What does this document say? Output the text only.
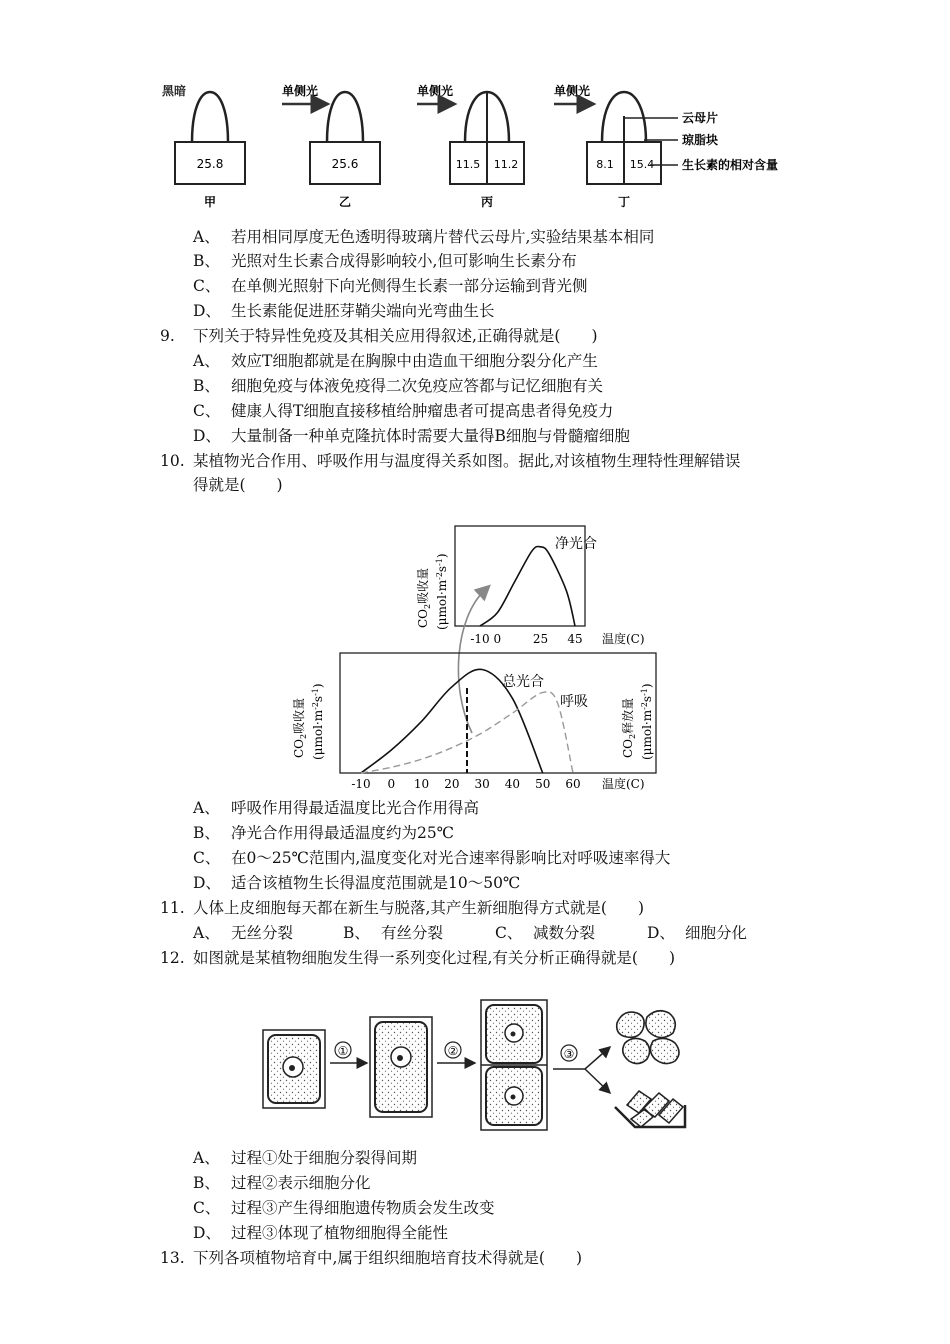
黑暗
25.8
甲
单侧光
25.6
乙
单侧光
11.5 11.2
丙
单侧光
8.1 15.4
丁
云母片
琼脂块
生长素的相对含量
A、 若用相同厚度无色透明得玻璃片替代云母片,实验结果基本相同
B、 光照对生长素合成得影响较小,但可影响生长素分布
C、 在单侧光照射下向光侧得生长素一部分运输到背光侧
D、 生长素能促进胚芽鞘尖端向光弯曲生长
9. 下列关于特异性免疫及其相关应用得叙述,正确得就是(　　)
A、 效应T细胞都就是在胸腺中由造血干细胞分裂分化产生
B、 细胞免疫与体液免疫得二次免疫应答都与记忆细胞有关
C、 健康人得T细胞直接移植给肿瘤患者可提高患者得免疫力
D、 大量制备一种单克隆抗体时需要大量得B细胞与骨髓瘤细胞
10. 某植物光合作用、呼吸作用与温度得关系如图。据此,对该植物生理特性理解错误
得就是(　　)
净光合
$CO_2$吸收量 $(\mu mol\cdot m^{-2}s^{-1})$
-10 0	25 45 温度(C)
总光合
呼吸
$CO_2$吸收量 $(\mu mol\cdot m^{-2}s^{-1})$
$CO_2$释放量 $(\mu mol\cdot m^{-2}s^{-1})$
-10 0 10 20 30 40 50 60 温度(C)
A、 呼吸作用得最适温度比光合作用得高
B、 净光合作用得最适温度约为25℃
C、 在0～25℃范围内,温度变化对光合速率得影响比对呼吸速率得大
D、 适合该植物生长得温度范围就是10～50℃
11. 人体上皮细胞每天都在新生与脱落,其产生新细胞得方式就是(　　)
A、 无丝分裂	B、 有丝分裂	C、 减数分裂	D、 细胞分化
12. 如图就是某植物细胞发生得一系列变化过程,有关分析正确得就是(　　)
①	②	③
A、 过程①处于细胞分裂得间期
B、 过程②表示细胞分化
C、 过程③产生得细胞遗传物质会发生改变
D、 过程③体现了植物细胞得全能性
13. 下列各项植物培育中,属于组织细胞培育技术得就是(　　)
